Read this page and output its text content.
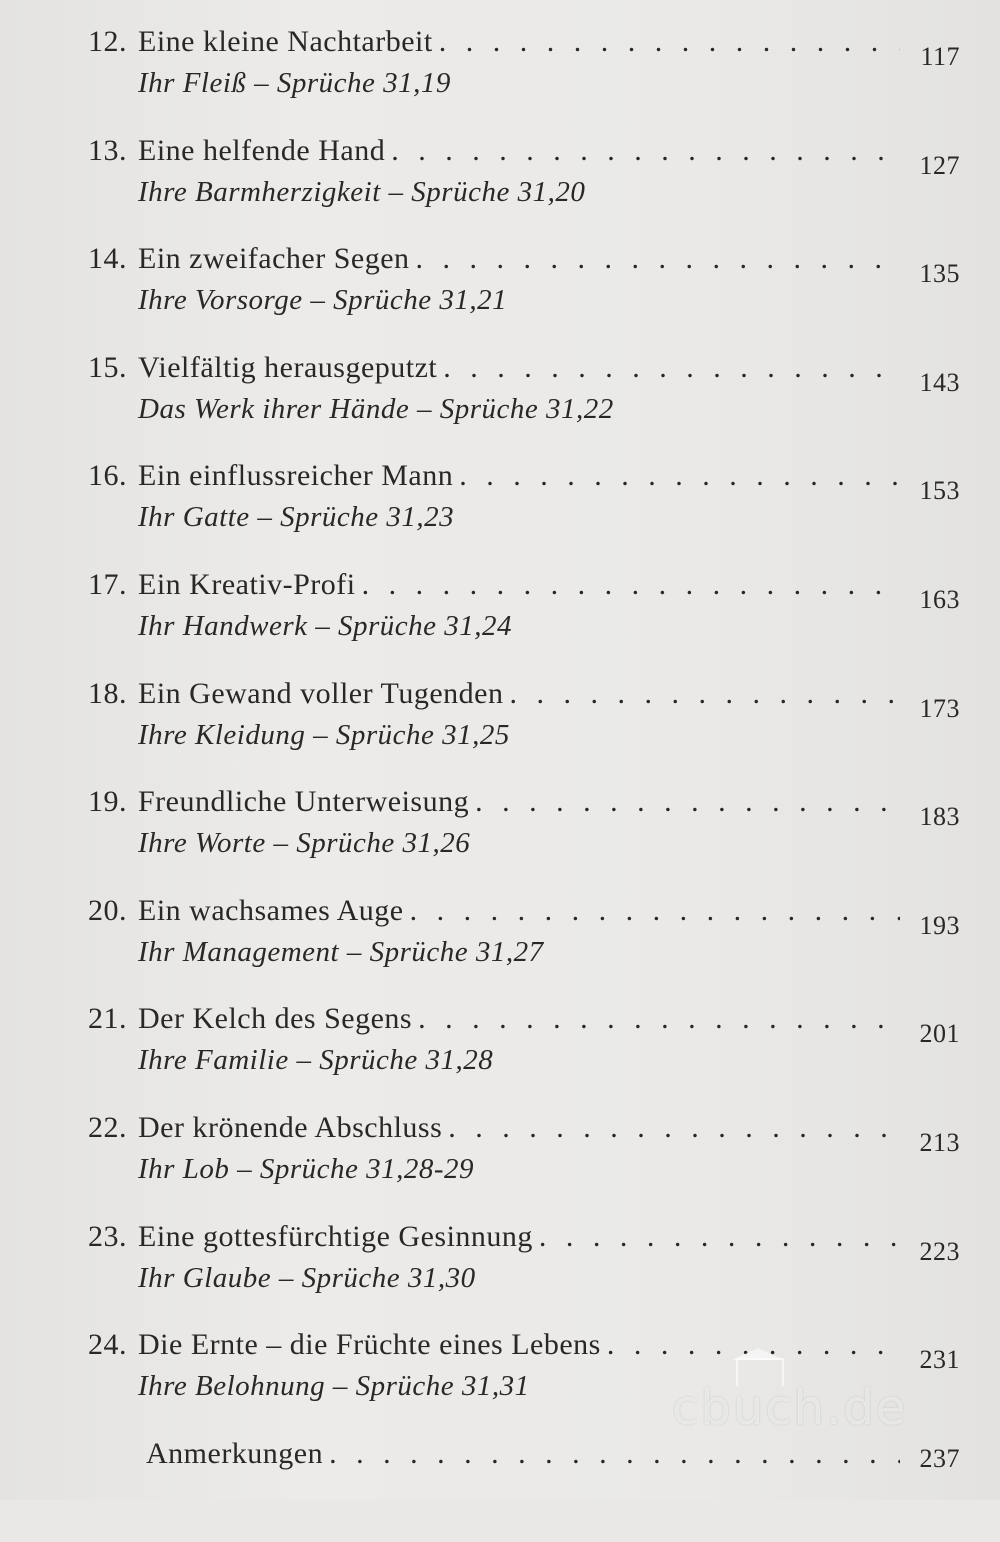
12. Eine kleine Nachtarbeit . . .	117
Ihr Fleiß – Sprüche 31,19
13. Eine helfende Hand . . .	127
Ihre Barmherzigkeit – Sprüche 31,20
14. Ein zweifacher Segen . . .	135
Ihre Vorsorge – Sprüche 31,21
15. Vielfältig herausgeputzt . . .	143
Das Werk ihrer Hände – Sprüche 31,22
16. Ein einflussreicher Mann . . .	153
Ihr Gatte – Sprüche 31,23
17. Ein Kreativ-Profi . . .	163
Ihr Handwerk – Sprüche 31,24
18. Ein Gewand voller Tugenden . . .	173
Ihre Kleidung – Sprüche 31,25
19. Freundliche Unterweisung . . .	183
Ihre Worte – Sprüche 31,26
20. Ein wachsames Auge . . .	193
Ihr Management – Sprüche 31,27
21. Der Kelch des Segens . . .	201
Ihre Familie – Sprüche 31,28
22. Der krönende Abschluss . . .	213
Ihr Lob – Sprüche 31,28-29
23. Eine gottesfürchtige Gesinnung . . .	223
Ihr Glaube – Sprüche 31,30
24. Die Ernte – die Früchte eines Lebens . . .	231
Ihre Belohnung – Sprüche 31,31
Anmerkungen . . .	237
cbuch.de
